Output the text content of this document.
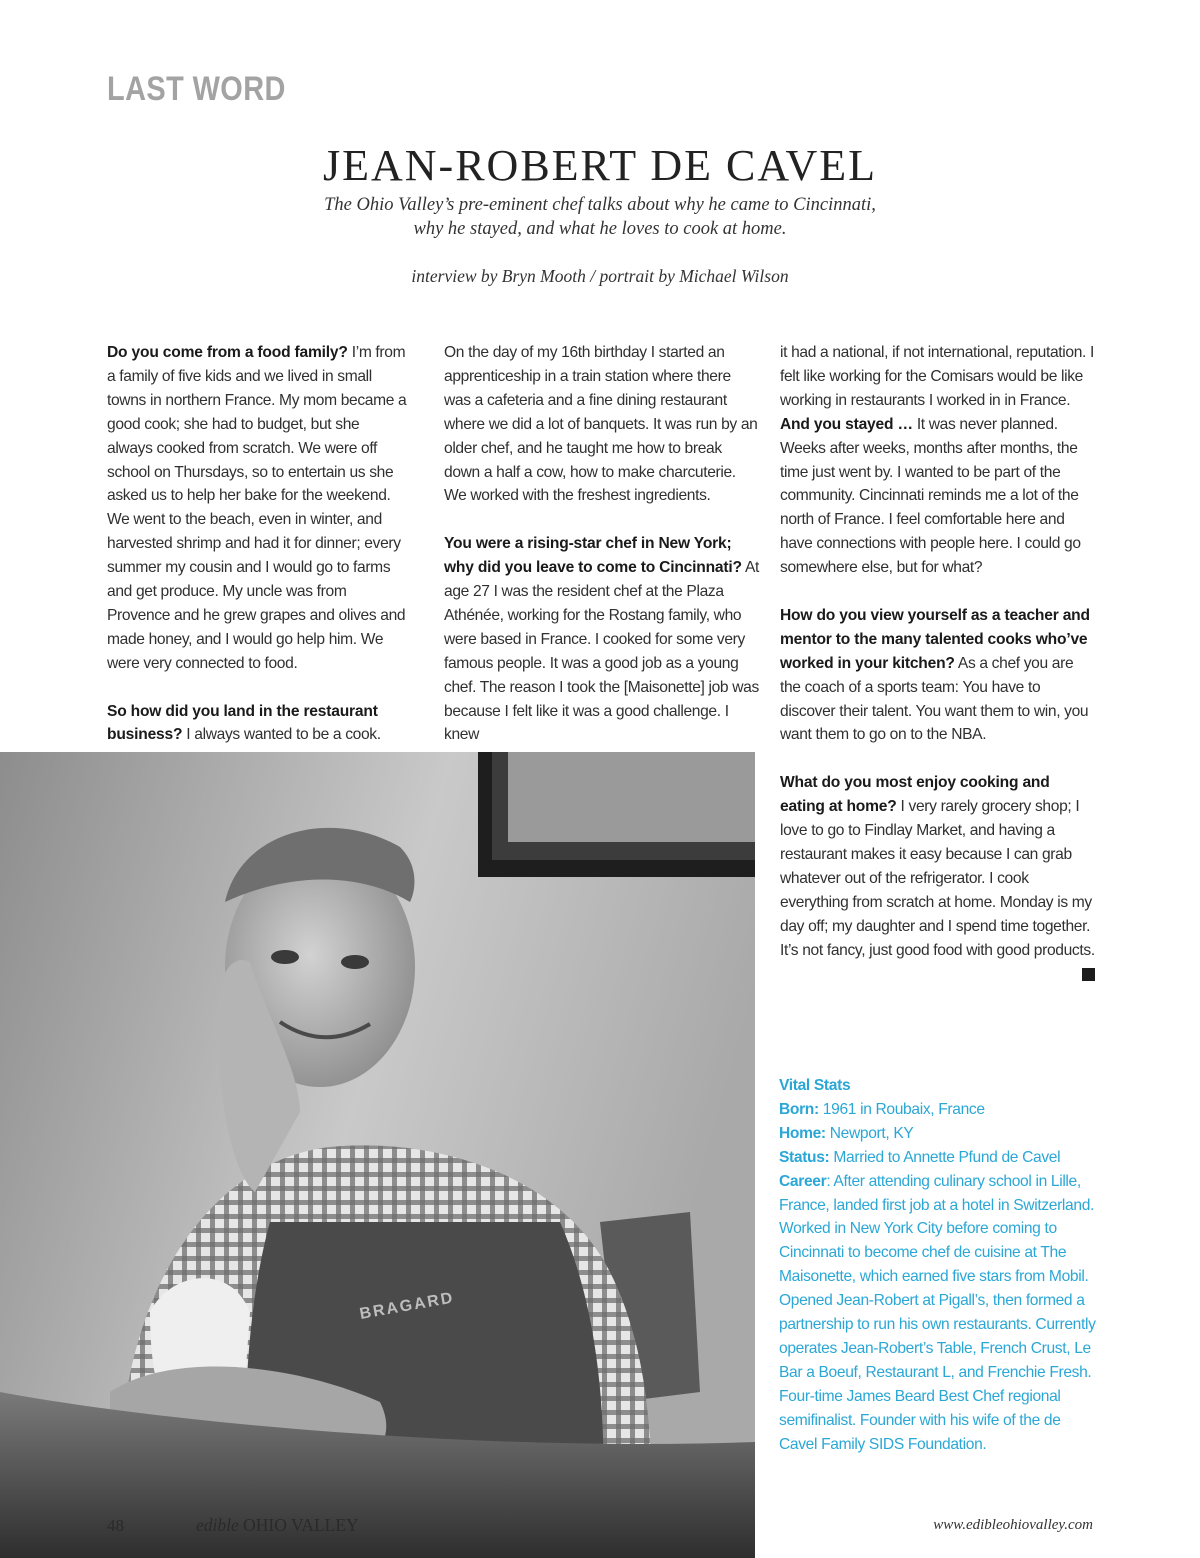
LAST WORD
JEAN-ROBERT DE CAVEL
The Ohio Valley’s pre-eminent chef talks about why he came to Cincinnati,
why he stayed, and what he loves to cook at home.
interview by Bryn Mooth / portrait by Michael Wilson

Do you come from a food family? I’m from a family of five kids and we lived in small towns in northern France. My mom became a good cook; she had to budget, but she always cooked from scratch. We were off school on Thursdays, so to entertain us she asked us to help her bake for the weekend. We went to the beach, even in winter, and harvested shrimp and had it for dinner; every summer my cousin and I would go to farms and get produce. My uncle was from Provence and he grew grapes and olives and made honey, and I would go help him. We were very connected to food.

So how did you land in the restaurant business? I always wanted to be a cook.

On the day of my 16th birthday I started an apprenticeship in a train station where there was a cafeteria and a fine dining restaurant where we did a lot of banquets. It was run by an older chef, and he taught me how to break down a half a cow, how to make charcuterie. We worked with the freshest ingredients.

You were a rising-star chef in New York; why did you leave to come to Cincinnati? At age 27 I was the resident chef at the Plaza Athénée, working for the Rostang family, who were based in France. I cooked for some very famous people. It was a good job as a young chef. The reason I took the [Maisonette] job was because I felt like it was a good challenge. I knew

it had a national, if not international, reputation. I felt like working for the Comisars would be like working in restaurants I worked in in France. And you stayed … It was never planned. Weeks after weeks, months after months, the time just went by. I wanted to be part of the community. Cincinnati reminds me a lot of the north of France. I feel comfortable here and have connections with people here. I could go somewhere else, but for what?

How do you view yourself as a teacher and mentor to the many talented cooks who’ve worked in your kitchen? As a chef you are the coach of a sports team: You have to discover their talent. You want them to win, you want them to go on to the NBA.

What do you most enjoy cooking and eating at home? I very rarely grocery shop; I love to go to Findlay Market, and having a restaurant makes it easy because I can grab whatever out of the refrigerator. I cook everything from scratch at home. Monday is my day off; my daughter and I spend time together. It’s not fancy, just good food with good products.

BRAGARD
Vital Stats
Born: 1961 in Roubaix, France
Home: Newport, KY
Status: Married to Annette Pfund de Cavel
Career: After attending culinary school in Lille, France, landed first job at a hotel in Switzerland. Worked in New York City before coming to Cincinnati to become chef de cuisine at The Maisonette, which earned five stars from Mobil. Opened Jean-Robert at Pigall’s, then formed a partnership to run his own restaurants. Currently operates Jean-Robert’s Table, French Crust, Le Bar a Boeuf, Restaurant L, and Frenchie Fresh. Four-time James Beard Best Chef regional semifinalist. Founder with his wife of the de Cavel Family SIDS Foundation.
48	edible OHIO VALLEY	www.edibleohiovalley.com
